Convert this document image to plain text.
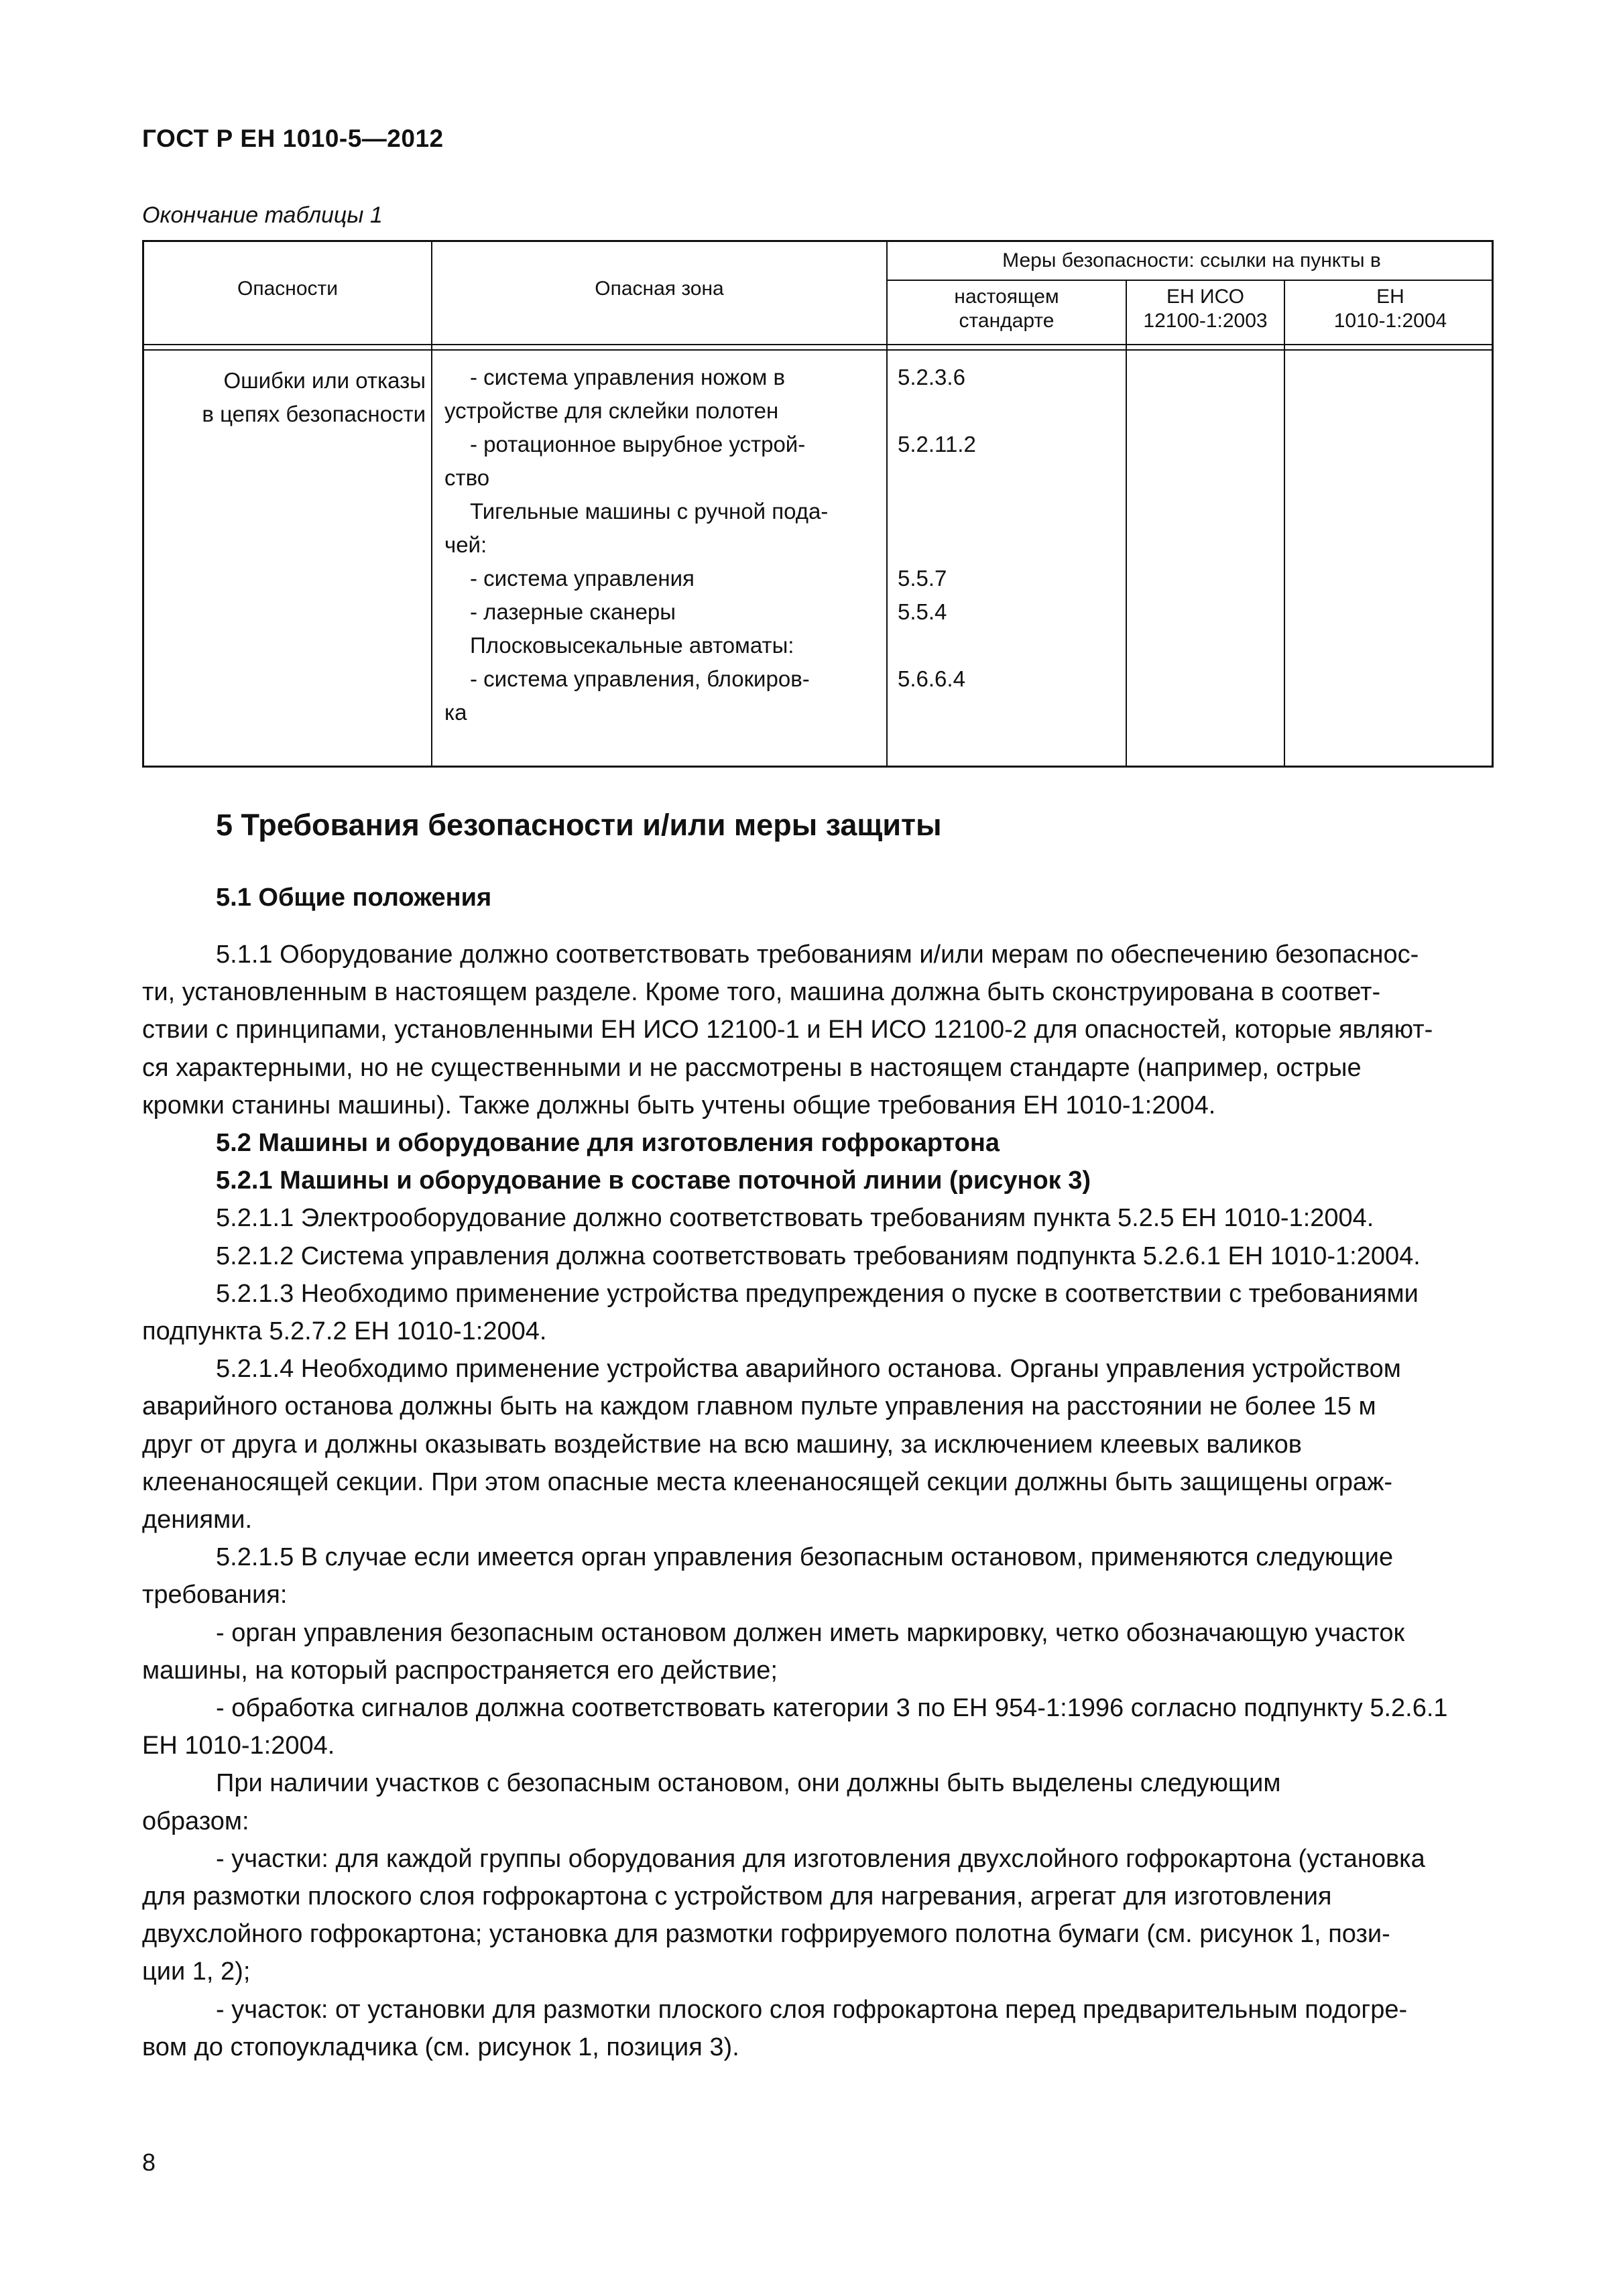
ГОСТ Р ЕН 1010-5—2012
Окончание таблицы 1
Опасности	Опасная зона
Меры безопасности: ссылки на пункты в
настоящем
стандарте
ЕН ИСО
12100-1:2003
ЕН
1010-1:2004
Ошибки или отказы
в цепях безопасности
- система управления ножом в
устройстве для склейки полотен
- ротационное вырубное устрой-
ство
Тигельные машины с ручной пода-
чей:
- система управления
- лазерные сканеры
Плосковысекальные автоматы:
- система управления, блокиров-
ка
5.2.3.6
5.2.11.2
5.5.7
5.5.4
5.6.6.4
5 Требования безопасности и/или меры защиты
5.1 Общие положения
5.1.1 Оборудование должно соответствовать требованиям и/или мерам по обеспечению безопаснос-
ти, установленным в настоящем разделе. Кроме того, машина должна быть сконструирована в соответ-
ствии с принципами, установленными ЕН ИСО 12100-1 и ЕН ИСО 12100-2 для опасностей, которые являют-
ся характерными, но не существенными и не рассмотрены в настоящем стандарте (например, острые
кромки станины машины). Также должны быть учтены общие требования ЕН 1010-1:2004.
5.2 Машины и оборудование для изготовления гофрокартона
5.2.1 Машины и оборудование в составе поточной линии (рисунок 3)
5.2.1.1 Электрооборудование должно соответствовать требованиям пункта 5.2.5 ЕН 1010-1:2004.
5.2.1.2 Система управления должна соответствовать требованиям подпункта 5.2.6.1 ЕН 1010-1:2004.
5.2.1.3 Необходимо применение устройства предупреждения о пуске в соответствии с требованиями
подпункта 5.2.7.2 ЕН 1010-1:2004.
5.2.1.4 Необходимо применение устройства аварийного останова. Органы управления устройством
аварийного останова должны быть на каждом главном пульте управления на расстоянии не более 15 м
друг от друга и должны оказывать воздействие на всю машину, за исключением клеевых валиков
клеенаносящей секции. При этом опасные места клеенаносящей секции должны быть защищены ограж-
дениями.
5.2.1.5 В случае если имеется орган управления безопасным остановом, применяются следующие
требования:
- орган управления безопасным остановом должен иметь маркировку, четко обозначающую участок
машины, на который распространяется его действие;
- обработка сигналов должна соответствовать категории 3 по ЕН 954-1:1996 согласно подпункту 5.2.6.1
ЕН 1010-1:2004.
При наличии участков с безопасным остановом, они должны быть выделены следующим
образом:
- участки: для каждой группы оборудования для изготовления двухслойного гофрокартона (установка
для размотки плоского слоя гофрокартона с устройством для нагревания, агрегат для изготовления
двухслойного гофрокартона; установка для размотки гофрируемого полотна бумаги (см. рисунок 1, пози-
ции 1, 2);
- участок: от установки для размотки плоского слоя гофрокартона перед предварительным подогре-
вом до стопоукладчика (см. рисунок 1, позиция 3).
8
